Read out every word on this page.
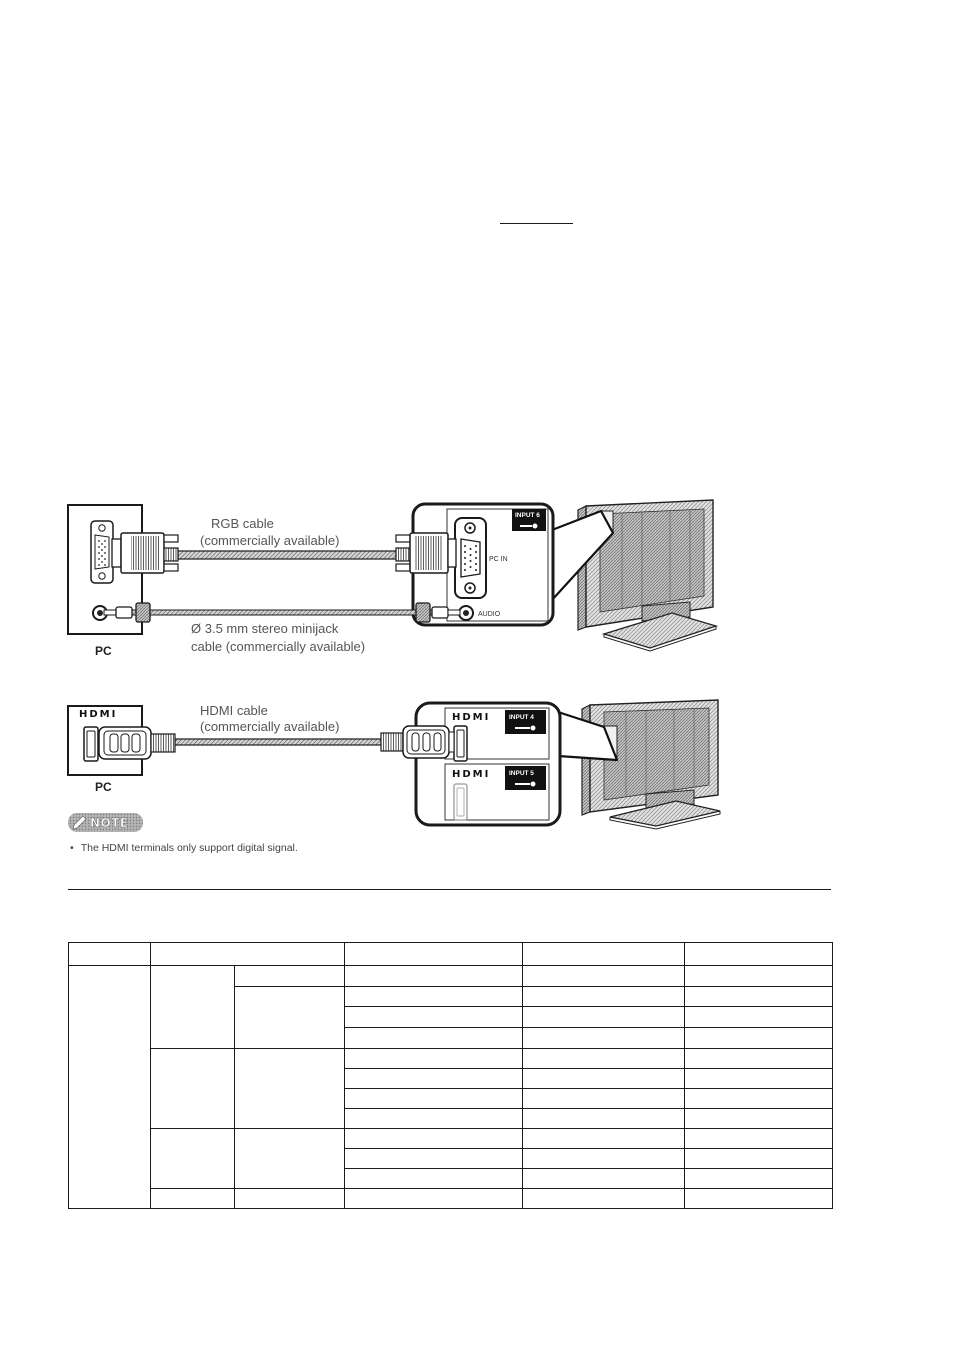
INPUT 6
PC IN
AUDIO
RGB cable
(commercially available)
Ø 3.5 mm stereo minijack
cable (commercially available)
PC
HDMI	HDMI	INPUT 4
HDMI	INPUT 5
HDMI cable
(commercially available)
PC
NOTE
• The HDMI terminals only support digital signal.
